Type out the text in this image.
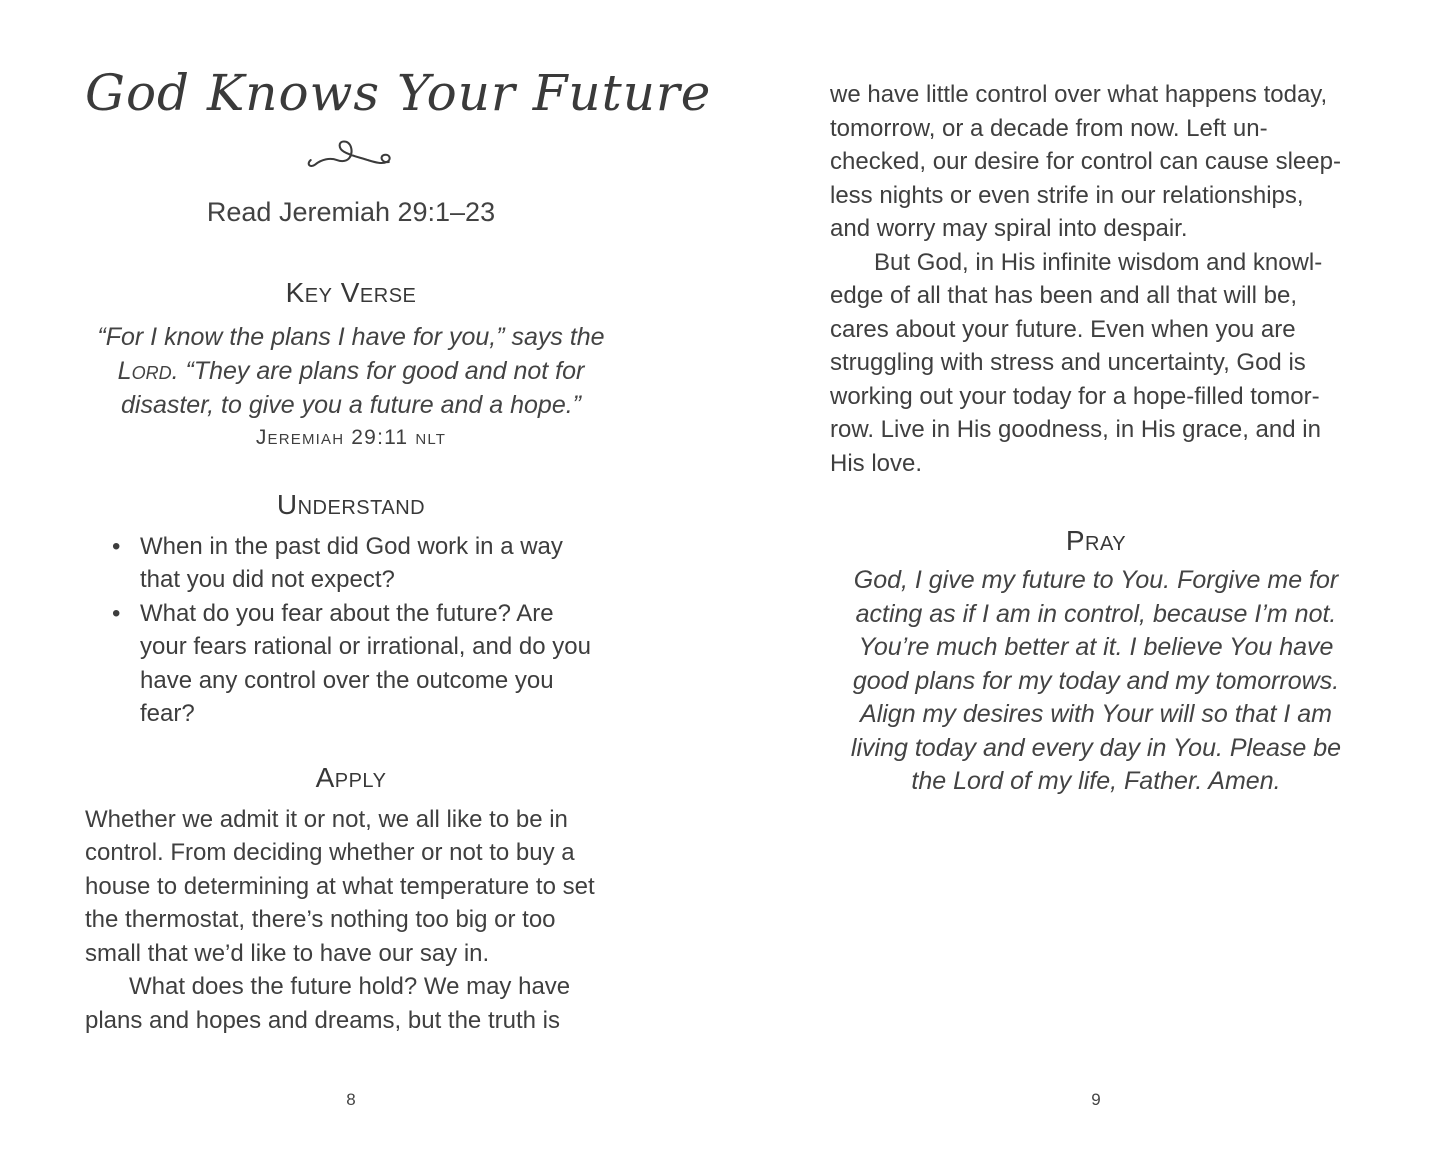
God Knows Your Future
Read Jeremiah 29:1–23
Key Verse
“For I know the plans I have for you,” says the
Lord. “They are plans for good and not for
disaster, to give you a future and a hope.”
Jeremiah 29:11 nlt
Understand
• When in the past did God work in a way
that you did not expect?
• What do you fear about the future? Are
your fears rational or irrational, and do you
have any control over the outcome you
fear?
Apply
Whether we admit it or not, we all like to be in
control. From deciding whether or not to buy a
house to determining at what temperature to set
the thermostat, there’s nothing too big or too
small that we’d like to have our say in.
What does the future hold? We may have
plans and hopes and dreams, but the truth is
8
we have little control over what happens today,
tomorrow, or a decade from now. Left un-
checked, our desire for control can cause sleep-
less nights or even strife in our relationships,
and worry may spiral into despair.
But God, in His infinite wisdom and knowl-
edge of all that has been and all that will be,
cares about your future. Even when you are
struggling with stress and uncertainty, God is
working out your today for a hope-filled tomor-
row. Live in His goodness, in His grace, and in
His love.
Pray
God, I give my future to You. Forgive me for
acting as if I am in control, because I’m not.
You’re much better at it. I believe You have
good plans for my today and my tomorrows.
Align my desires with Your will so that I am
living today and every day in You. Please be
the Lord of my life, Father. Amen.
9
